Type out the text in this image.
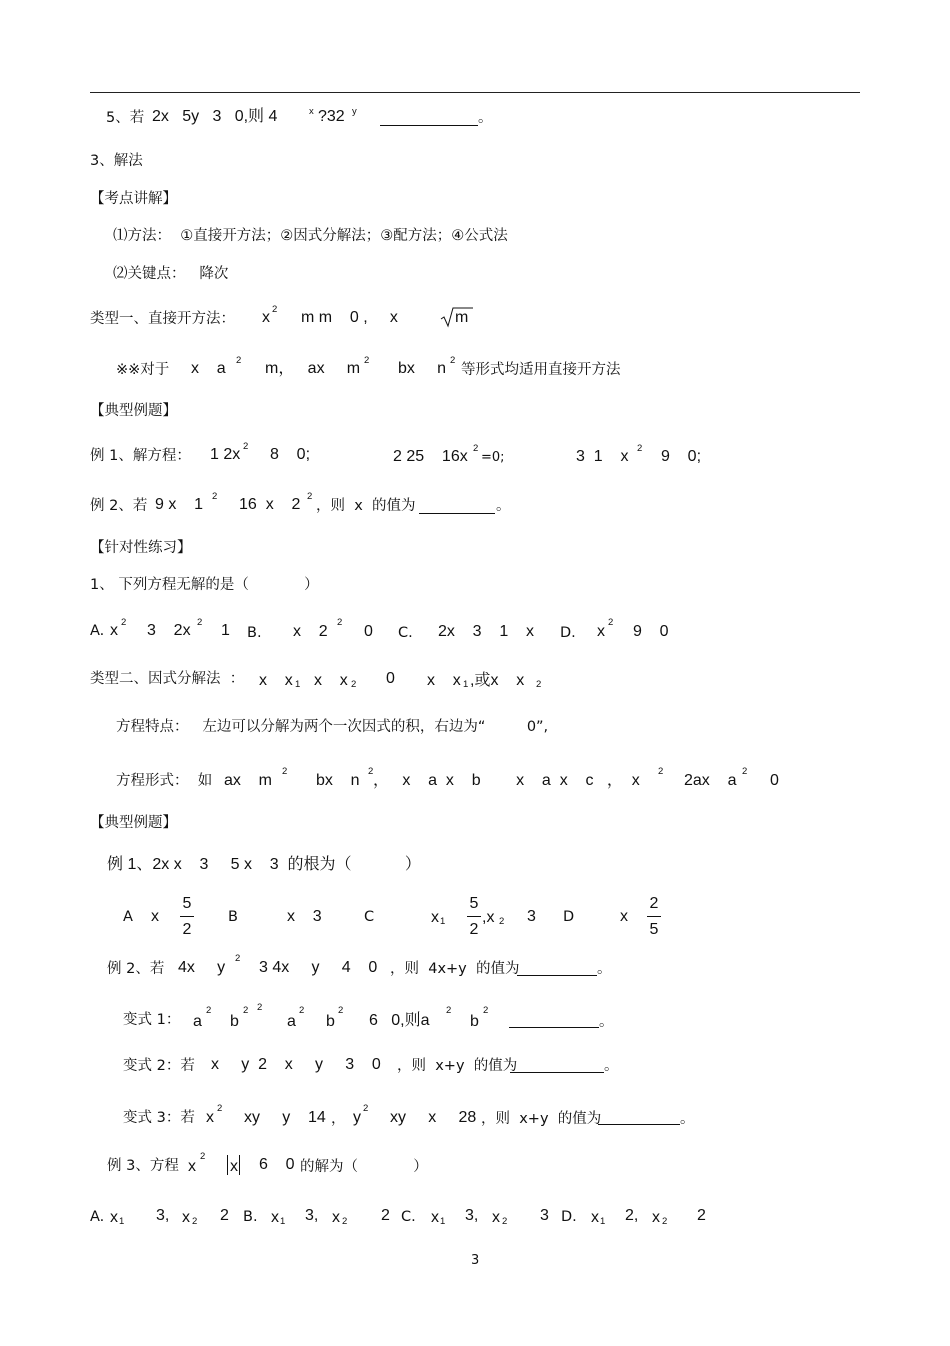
5、若 2x   5y   3   0,则 4	x ?32 y	。
3、解法
【考点讲解】
⑴方法：  ①直接开方法；②因式分解法；③配方法；④公式法
⑵关键点：   降次
类型一、直接开方法： x 2 m m    0 ,     x	m
※※对于 x    a 2 m，   ax     m 2 bx     n 2
等形式均适用直接开方法
【典型例题】
例 1、解方程： 1 2x 2 8    0;	2 25    16x 2
=0;	3  1    x 2 9    0;
例 2、若 9 x    1 2 16  x    2 2
，则  x  的值为	。
【针对性练习】
1、 下列方程无解的是（            ）
A. x 2 3    2x 2 1 B. x    2
2
0 C. 2x    3    1    x D. x
2
9    0
类型二、因式分解法  ： x    x 1 x    x 2 0 x    x 1 ,或x    x 2
方程特点：   左边可以分解为两个一次因式的积，右边为“         0”,
方程形式：  如 ax    m
2
bx    n
2
，   x    a  x    b        x    a  x    c   ，  x
2
2ax    a
2
0
【典型例题】
例 1、2x x    3     5 x    3  的根为（            ）
A x
5
2
B	x    3	C	x 1
5
2
,x 2 3 D	x
2
5
例 2、若 4x     y
2
3 4x     y     4    0 ，则  4x+y  的值为	。
变式 1： a
2
b
2 2
a
2
b
2
6   0,则a
2
b
2
。
变式 2：若 x     y  2    x     y     3    0 ，则  x+y  的值为	。
变式 3：若 x
2
xy     y    14 ， y
2
xy     x     28 ，则  x+y  的值为	。
例 3、方程 x
2
x 6    0 的解为（            ）
A. x 1 3, x 2 2 B. x 1 3, x 2 2 C. x 1 3, x 2 3 D. x 1 2, x 2 2
3
